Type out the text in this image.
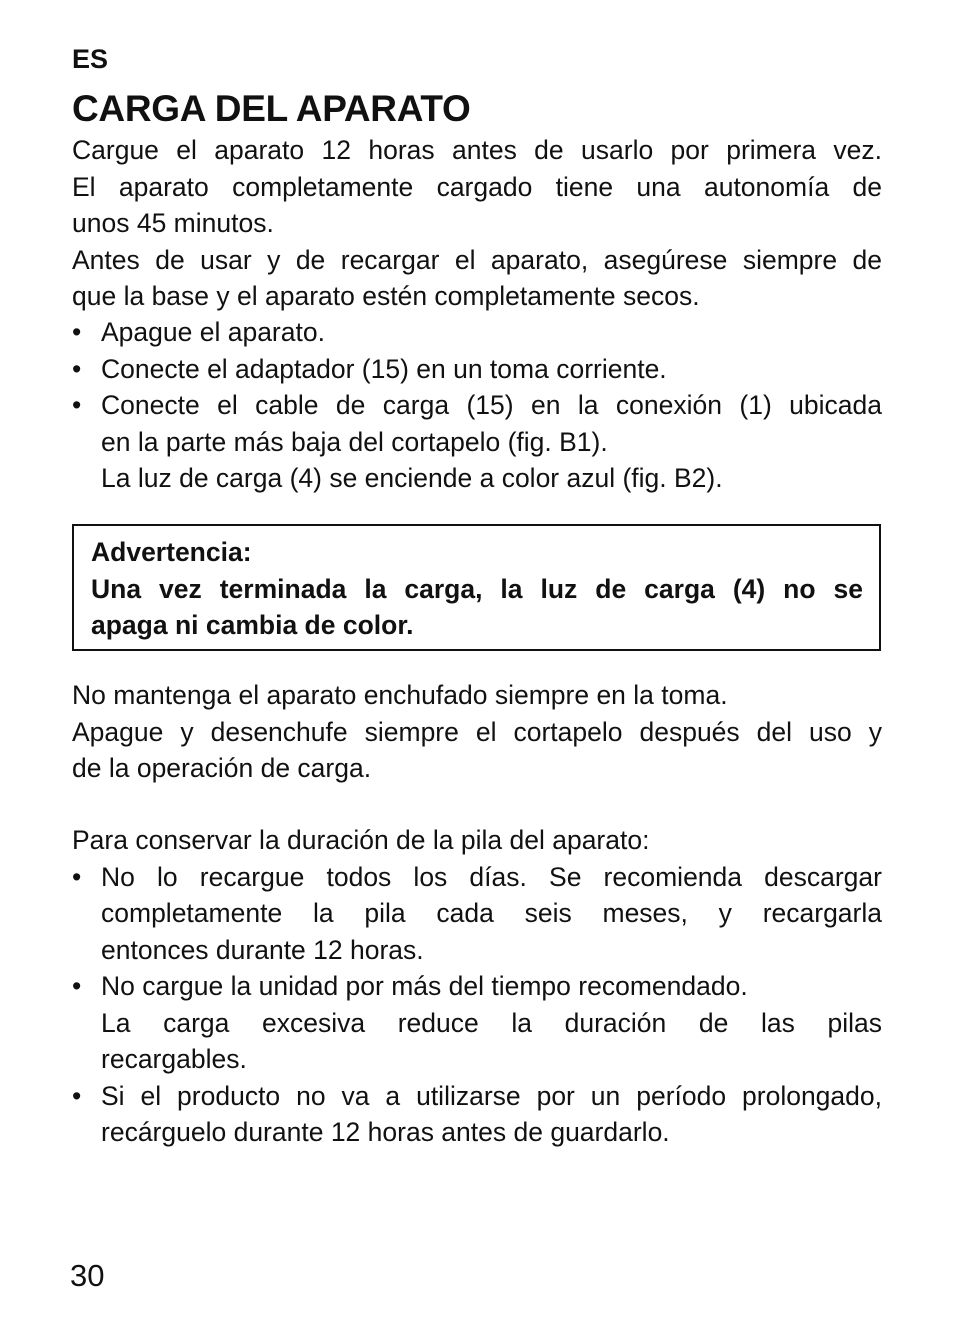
ES
CARGA DEL APARATO
Cargue el aparato 12 horas antes de usarlo por primera vez.
El aparato completamente cargado tiene una autonomía de
unos 45 minutos.
Antes de usar y de recargar el aparato, asegúrese siempre de
que la base y el aparato estén completamente secos.
• Apague el aparato.
• Conecte el adaptador (15) en un toma corriente.
• Conecte el cable de carga (15) en la conexión (1) ubicada
en la parte más baja del cortapelo (fig. B1).
La luz de carga (4) se enciende a color azul (fig. B2).
Advertencia:
Una vez terminada la carga, la luz de carga (4) no se
apaga ni cambia de color.
No mantenga el aparato enchufado siempre en la toma.
Apague y desenchufe siempre el cortapelo después del uso y
de la operación de carga.
Para conservar la duración de la pila del aparato:
• No lo recargue todos los días. Se recomienda descargar
completamente la pila cada seis meses, y recargarla
entonces durante 12 horas.
• No cargue la unidad por más del tiempo recomendado.
La carga excesiva reduce la duración de las pilas
recargables.
• Si el producto no va a utilizarse por un período prolongado,
recárguelo durante 12 horas antes de guardarlo.
30
